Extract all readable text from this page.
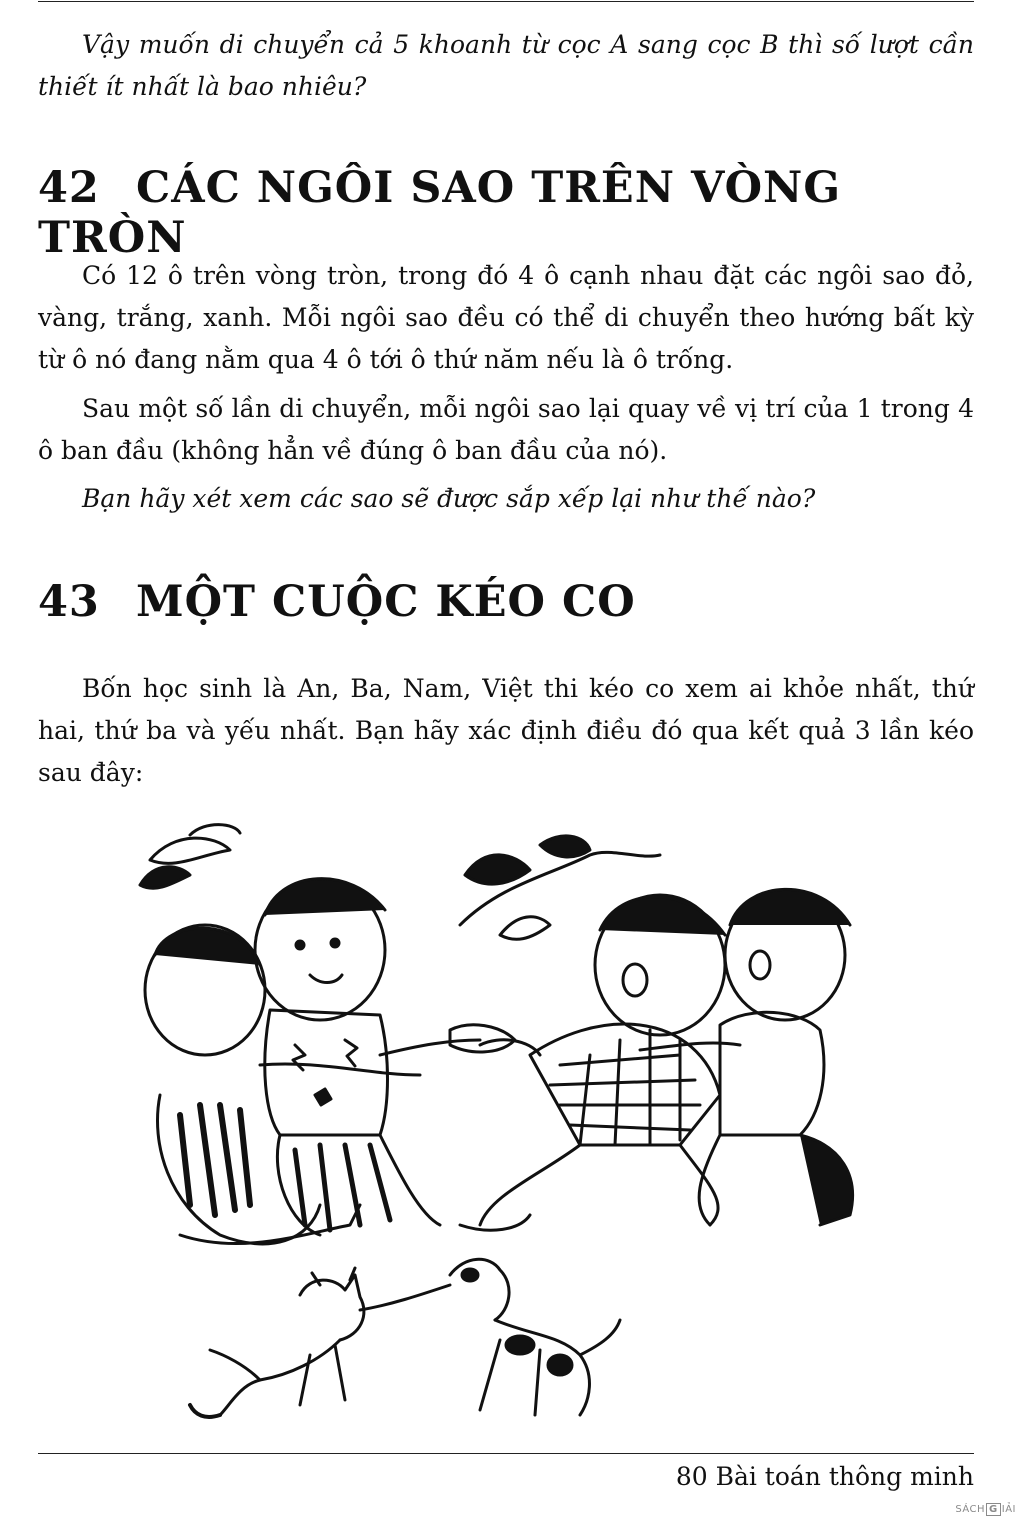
Vậy muốn di chuyển cả 5 khoanh từ cọc A sang cọc B thì số lượt cần
thiết ít nhất là bao nhiêu?

42 CÁC NGÔI SAO TRÊN VÒNG TRÒN

Có 12 ô trên vòng tròn, trong đó 4 ô cạnh nhau đặt các ngôi sao đỏ, vàng, trắng, xanh. Mỗi ngôi sao đều có thể di chuyển theo hướng bất kỳ từ ô nó đang nằm qua 4 ô tới ô thứ năm nếu là ô trống.

Sau một số lần di chuyển, mỗi ngôi sao lại quay về vị trí của 1 trong 4 ô ban đầu (không hẳn về đúng ô ban đầu của nó).

Bạn hãy xét xem các sao sẽ được sắp xếp lại như thế nào?

43 MỘT CUỘC KÉO CO

Bốn học sinh là An, Ba, Nam, Việt thi kéo co xem ai khỏe nhất, thứ hai, thứ ba và yếu nhất. Bạn hãy xác định điều đó qua kết quả 3 lần kéo sau đây:

80 Bài toán thông minh

SÁCH G IẢI
